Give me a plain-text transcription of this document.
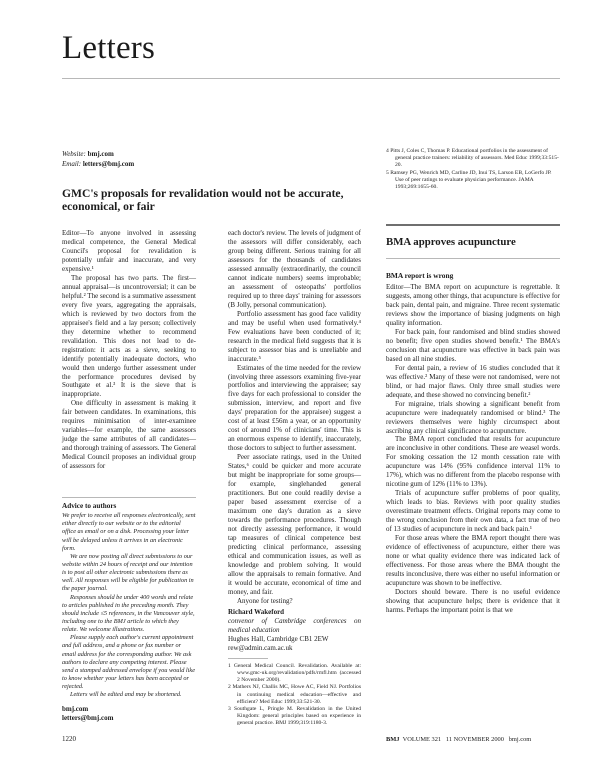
Letters
Website: bmj.com
Email: letters@bmj.com
GMC's proposals for revalidation would not be accurate, economical, or fair

Editor—To anyone involved in assessing medical competence, the General Medical Council's proposal for revalidation is potentially unfair and inaccurate, and very expensive.¹

The proposal has two parts. The first—annual appraisal—is uncontroversial; it can be helpful.² The second is a summative assessment every five years, aggregating the appraisals, which is reviewed by two doctors from the appraisee's field and a lay person; collectively they determine whether to recommend revalidation. This does not lead to de-registration: it acts as a sieve, seeking to identify potentially inadequate doctors, who would then undergo further assessment under the performance procedures devised by Southgate et al.³ It is the sieve that is inappropriate.

One difficulty in assessment is making it fair between candidates. In examinations, this requires minimisation of inter-examinee variables—for example, the same assessors judge the same attributes of all candidates—and thorough training of assessors. The General Medical Council proposes an individual group of assessors for

Advice to authors

We prefer to receive all responses electronically, sent either directly to our website or to the editorial office as email or on a disk. Processing your letter will be delayed unless it arrives in an electronic form.

We are now posting all direct submissions to our website within 24 hours of receipt and our intention is to post all other electronic submissions there as well. All responses will be eligible for publication in the paper journal.

Responses should be under 400 words and relate to articles published in the preceding month. They should include ≤5 references, in the Vancouver style, including one to the BMJ article to which they relate. We welcome illustrations.

Please supply each author's current appointment and full address, and a phone or fax number or email address for the corresponding author. We ask authors to declare any competing interest. Please send a stamped addressed envelope if you would like to know whether your letters has been accepted or rejected.

Letters will be edited and may be shortened.

bmj.com
letters@bmj.com

each doctor's review. The levels of judgment of the assessors will differ considerably, each group being different. Serious training for all assessors for the thousands of candidates assessed annually (extraordinarily, the council cannot indicate numbers) seems improbable; an assessment of osteopaths' portfolios required up to three days' training for assessors (B Jolly, personal communication).

Portfolio assessment has good face validity and may be useful when used formatively.⁴ Few evaluations have been conducted of it; research in the medical field suggests that it is subject to assessor bias and is unreliable and inaccurate.⁵

Estimates of the time needed for the review (involving three assessors examining five-year portfolios and interviewing the appraisee; say five days for each professional to consider the submission, interview, and report and five days' preparation for the appraisee) suggest a cost of at least £56m a year, or an opportunity cost of around 1% of clinicians' time. This is an enormous expense to identify, inaccurately, those doctors to subject to further assessment.

Peer associate ratings, used in the United States,⁶ could be quicker and more accurate but might be inappropriate for some groups—for example, singlehanded general practitioners. But one could readily devise a paper based assessment exercise of a maximum one day's duration as a sieve towards the performance procedures. Though not directly assessing performance, it would tap measures of clinical competence best predicting clinical performance, assessing ethical and communication issues, as well as knowledge and problem solving. It would allow the appraisals to remain formative. And it would be accurate, economical of time and money, and fair.

Anyone for testing?

Richard Wakeford
convenor of Cambridge conferences on medical education
Hughes Hall, Cambridge CB1 2EW
rew@admin.cam.ac.uk
1 General Medical Council. Revalidation. Available at: www.gmc-uk.org/revalidation/pdfs/rmfl.htm (accessed 2 November 2000).
2 Mathers NJ, Challis MC, Howe AC, Field NJ. Portfolios in continuing medical education—effective and efficient? Med Educ 1999;33:521-30.
3 Southgate L, Pringle M. Revalidation in the United Kingdom: general principles based on experience in general practice. BMJ 1999;319:1180-3.
4 Pitts J, Coles C, Thomas P. Educational portfolios in the assessment of general practice trainers: reliability of assessors. Med Educ 1999;33:515-20.
5 Ramsey PG, Wenrich MD, Carline JD, Inui TS, Larson EB, LoGerfo JP. Use of peer ratings to evaluate physician performance. JAMA 1993;269:1655-60.
BMA approves acupuncture
BMA report is wrong

Editor—The BMA report on acupuncture is regrettable. It suggests, among other things, that acupuncture is effective for back pain, dental pain, and migraine. Three recent systematic reviews show the importance of biasing judgments on high quality information.

For back pain, four randomised and blind studies showed no benefit; five open studies showed benefit.¹ The BMA's conclusion that acupuncture was effective in back pain was based on all nine studies.

For dental pain, a review of 16 studies concluded that it was effective.² Many of these were not randomised, were not blind, or had major flaws. Only three small studies were adequate, and these showed no convincing benefit.²

For migraine, trials showing a significant benefit from acupuncture were inadequately randomised or blind.³ The reviewers themselves were highly circumspect about ascribing any clinical significance to acupuncture.

The BMA report concluded that results for acupuncture are inconclusive in other conditions. These are weasel words. For smoking cessation the 12 month cessation rate with acupuncture was 14% (95% confidence interval 11% to 17%), which was no different from the placebo response with nicotine gum of 12% (11% to 13%).

Trials of acupuncture suffer problems of poor quality, which leads to bias. Reviews with poor quality studies overestimate treatment effects. Original reports may come to the wrong conclusion from their own data, a fact true of two of 13 studies of acupuncture in neck and back pain.¹

For those areas where the BMA report thought there was evidence of effectiveness of acupuncture, either there was none or what quality evidence there was indicated lack of effectiveness. For those areas where the BMA thought the results inconclusive, there was either no useful information or acupuncture was shown to be ineffective.

Doctors should beware. There is no useful evidence showing that acupuncture helps; there is evidence that it harms. Perhaps the important point is that we

1220	BMJ VOLUME 321 11 NOVEMBER 2000 bmj.com
